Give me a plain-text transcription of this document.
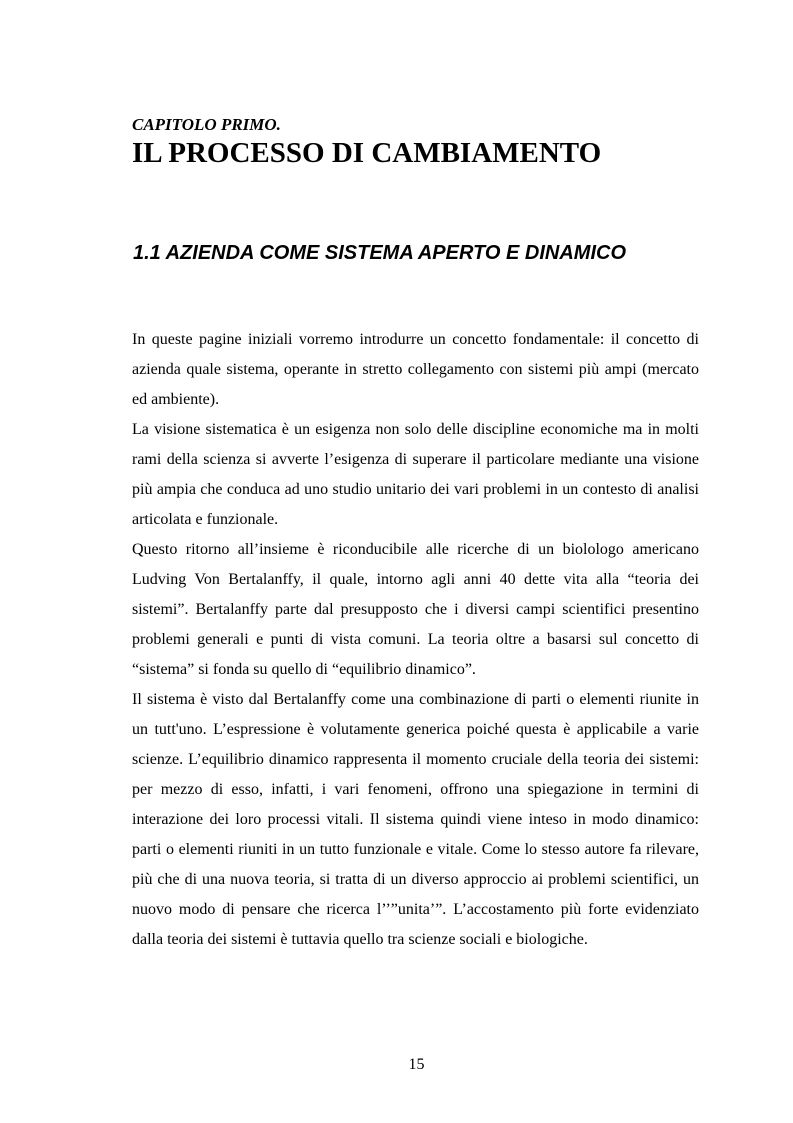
CAPITOLO PRIMO.
IL PROCESSO DI CAMBIAMENTO
1.1 AZIENDA COME SISTEMA APERTO E DINAMICO

In queste pagine iniziali vorremo introdurre un concetto fondamentale: il concetto di azienda quale sistema, operante in stretto collegamento con sistemi più ampi (mercato ed ambiente).

La visione sistematica è un esigenza non solo delle discipline economiche ma in molti rami della scienza si avverte l’esigenza di superare il particolare mediante una visione più ampia che conduca ad uno studio unitario dei vari problemi in un contesto di analisi articolata e funzionale.

Questo ritorno all’insieme è riconducibile alle ricerche di un biolologo americano Ludving Von Bertalanffy, il quale, intorno agli anni 40 dette vita alla “teoria dei sistemi”. Bertalanffy parte dal presupposto che i diversi campi scientifici presentino problemi generali e punti di vista comuni. La teoria oltre a basarsi sul concetto di “sistema” si fonda su quello di “equilibrio dinamico”.

Il sistema è visto dal Bertalanffy come una combinazione di parti o elementi riunite in un tutt'uno. L’espressione è volutamente generica poiché questa è applicabile a varie scienze. L’equilibrio dinamico rappresenta il momento cruciale della teoria dei sistemi: per mezzo di esso, infatti, i vari fenomeni, offrono una spiegazione in termini di interazione dei loro processi vitali. Il sistema quindi viene inteso in modo dinamico: parti o elementi riuniti in un tutto funzionale e vitale. Come lo stesso autore fa rilevare, più che di una nuova teoria, si tratta di un diverso approccio ai problemi scientifici, un nuovo modo di pensare che ricerca l’’”unita’”. L’accostamento più forte evidenziato dalla teoria dei sistemi è tuttavia quello tra scienze sociali e biologiche.

15
